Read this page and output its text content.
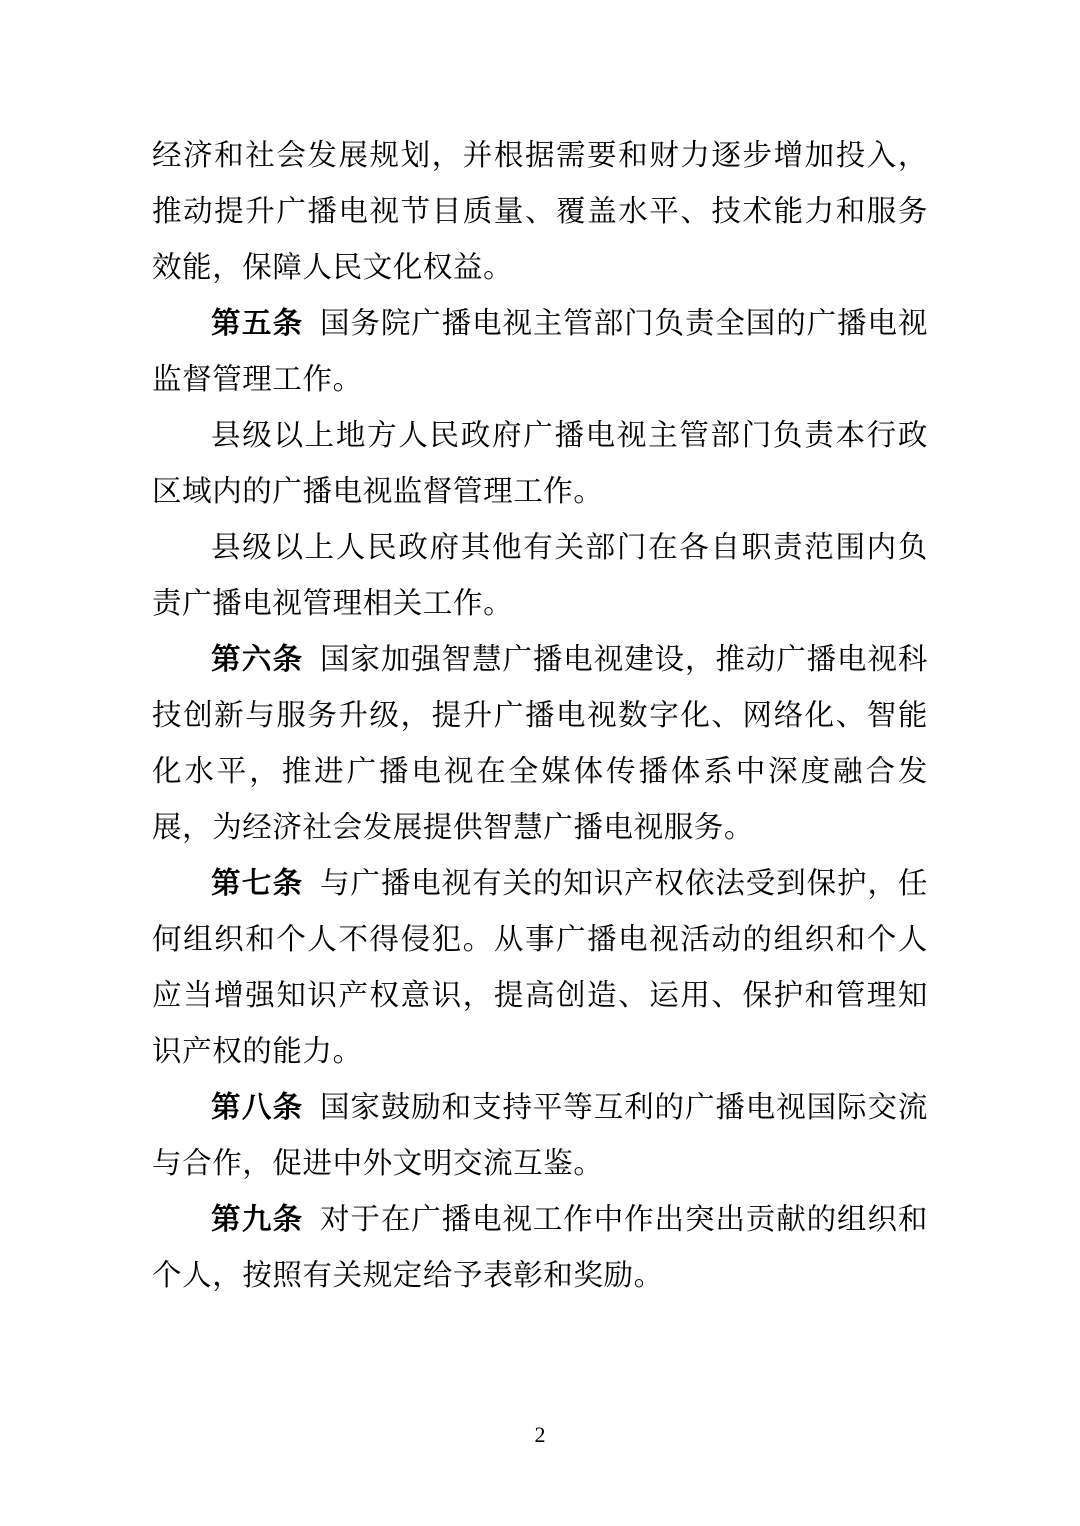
经济和社会发展规划，并根据需要和财力逐步增加投入，推动提升广播电视节目质量、覆盖水平、技术能力和服务效能，保障人民文化权益。

第五条 国务院广播电视主管部门负责全国的广播电视监督管理工作。

县级以上地方人民政府广播电视主管部门负责本行政区域内的广播电视监督管理工作。

县级以上人民政府其他有关部门在各自职责范围内负责广播电视管理相关工作。

第六条 国家加强智慧广播电视建设，推动广播电视科技创新与服务升级，提升广播电视数字化、网络化、智能化水平，推进广播电视在全媒体传播体系中深度融合发展，为经济社会发展提供智慧广播电视服务。

第七条 与广播电视有关的知识产权依法受到保护，任何组织和个人不得侵犯。从事广播电视活动的组织和个人应当增强知识产权意识，提高创造、运用、保护和管理知识产权的能力。

第八条 国家鼓励和支持平等互利的广播电视国际交流与合作，促进中外文明交流互鉴。

第九条 对于在广播电视工作中作出突出贡献的组织和个人，按照有关规定给予表彰和奖励。

2
